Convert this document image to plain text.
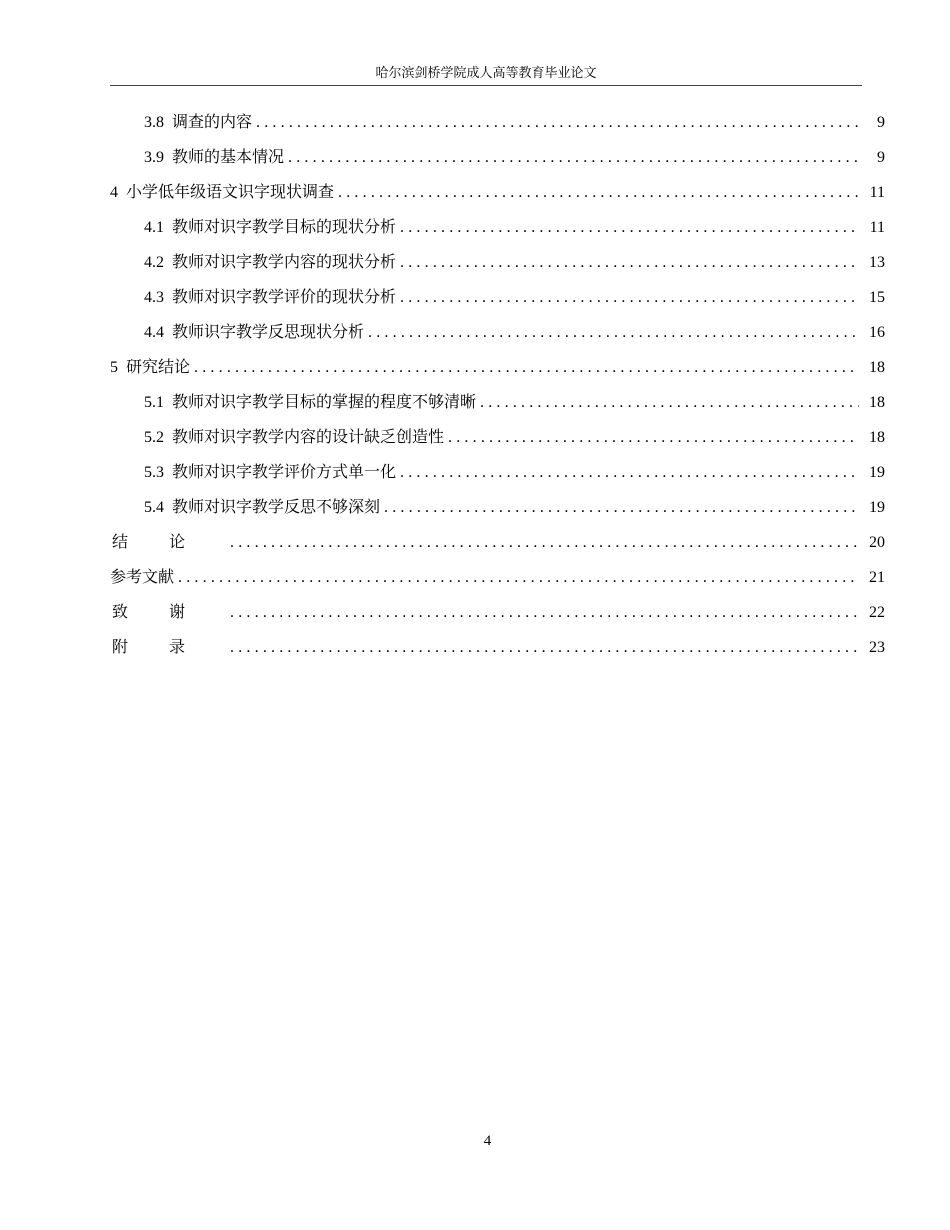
哈尔滨剑桥学院成人高等教育毕业论文
3.8 调查的内容 .....	9
3.9 教师的基本情况 .....	9
4 小学低年级语文识字现状调查 .....	11
4.1 教师对识字教学目标的现状分析 .....	11
4.2 教师对识字教学内容的现状分析 .....	13
4.3 教师对识字教学评价的现状分析 .....	15
4.4 教师识字教学反思现状分析 .....	16
5 研究结论 .....	18
5.1 教师对识字教学目标的掌握的程度不够清晰 .....	18
5.2 教师对识字教学内容的设计缺乏创造性 .....	18
5.3 教师对识字教学评价方式单一化 .....	19
5.4 教师对识字教学反思不够深刻 .....	19
结论 .....	20
参考文献 .....	21
致谢 .....	22
附录 .....	23
4
